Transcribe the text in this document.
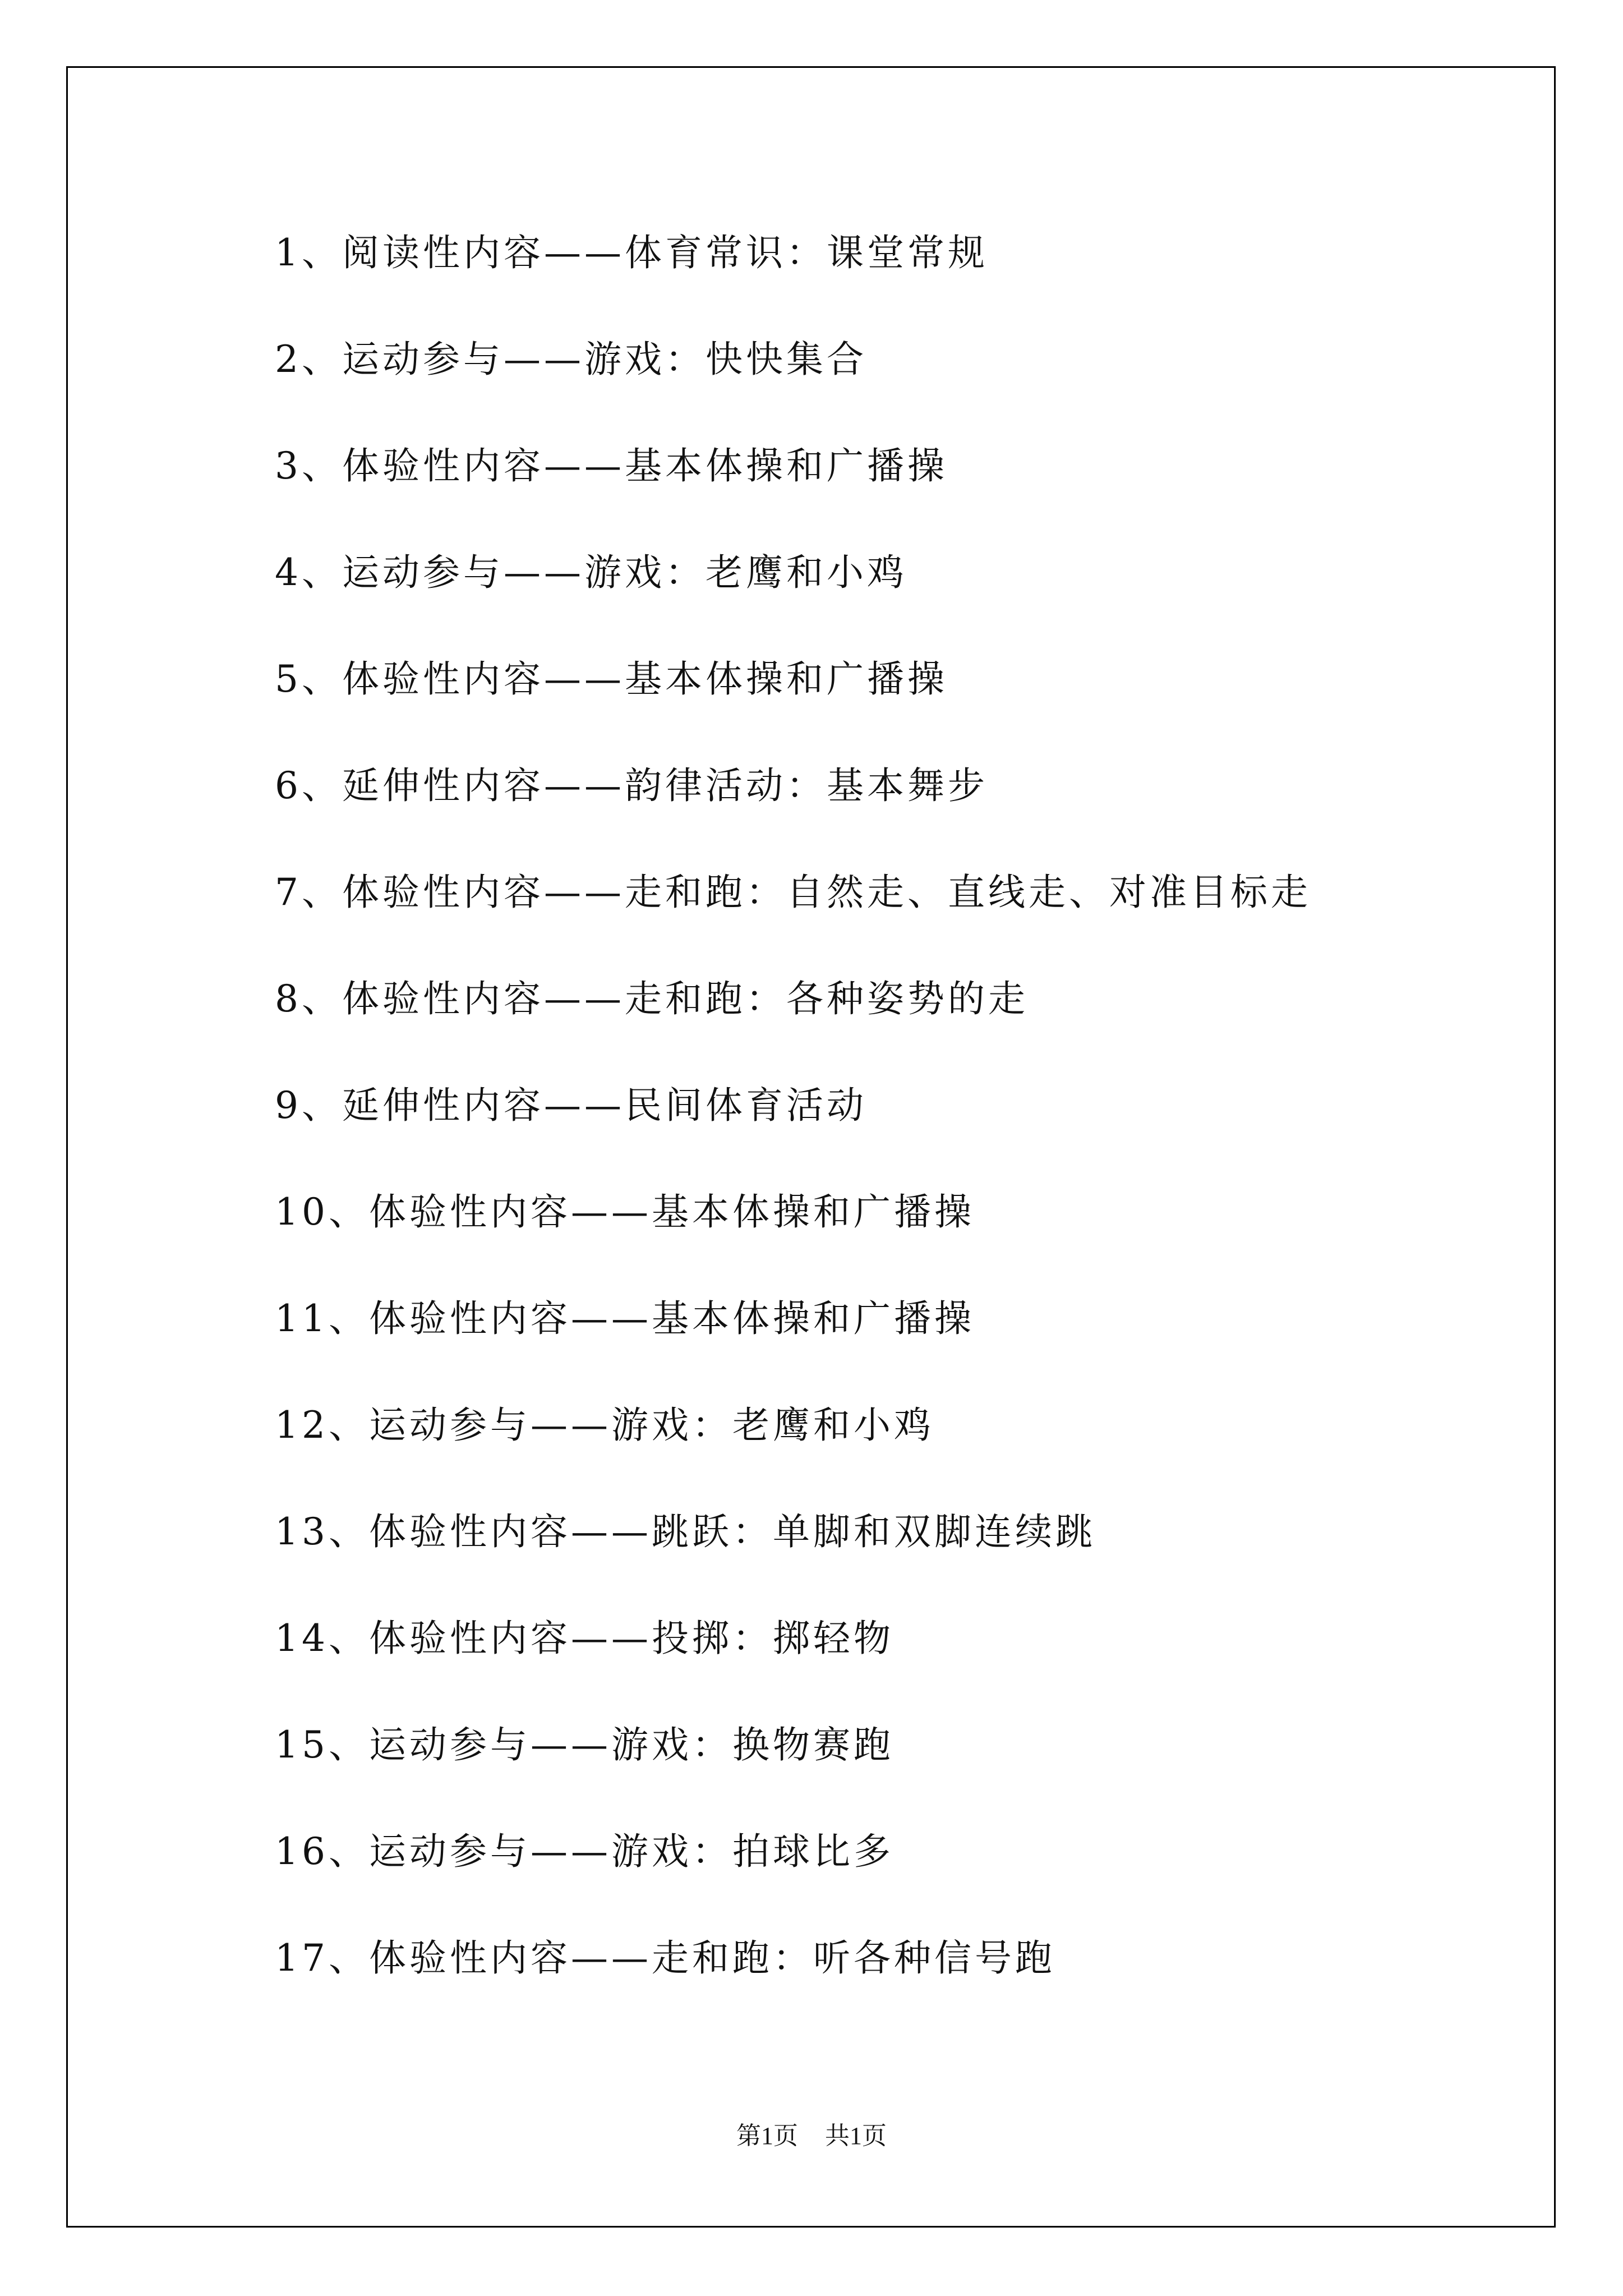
1、阅读性内容——体育常识：课堂常规
2、运动参与——游戏：快快集合
3、体验性内容——基本体操和广播操
4、运动参与——游戏：老鹰和小鸡
5、体验性内容——基本体操和广播操
6、延伸性内容——韵律活动：基本舞步
7、体验性内容——走和跑：自然走、直线走、对准目标走
8、体验性内容——走和跑：各种姿势的走
9、延伸性内容——民间体育活动
10、体验性内容——基本体操和广播操
11、体验性内容——基本体操和广播操
12、运动参与——游戏：老鹰和小鸡
13、体验性内容——跳跃：单脚和双脚连续跳
14、体验性内容——投掷：掷轻物
15、运动参与——游戏：换物赛跑
16、运动参与——游戏：拍球比多
17、体验性内容——走和跑：听各种信号跑
第1页 共1页
